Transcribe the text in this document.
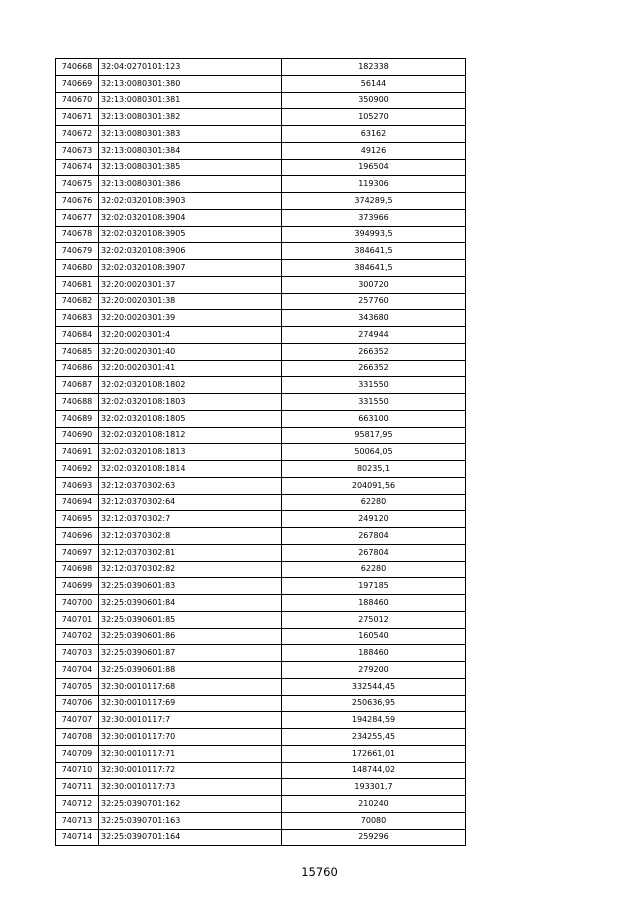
740668	32:04:0270101:123	182338
740669	32:13:0080301:380	56144
740670	32:13:0080301:381	350900
740671	32:13:0080301:382	105270
740672	32:13:0080301:383	63162
740673	32:13:0080301:384	49126
740674	32:13:0080301:385	196504
740675	32:13:0080301:386	119306
740676	32:02:0320108:3903	374289,5
740677	32:02:0320108:3904	373966
740678	32:02:0320108:3905	394993,5
740679	32:02:0320108:3906	384641,5
740680	32:02:0320108:3907	384641,5
740681	32:20:0020301:37	300720
740682	32:20:0020301:38	257760
740683	32:20:0020301:39	343680
740684	32:20:0020301:4	274944
740685	32:20:0020301:40	266352
740686	32:20:0020301:41	266352
740687	32:02:0320108:1802	331550
740688	32:02:0320108:1803	331550
740689	32:02:0320108:1805	663100
740690	32:02:0320108:1812	95817,95
740691	32:02:0320108:1813	50064,05
740692	32:02:0320108:1814	80235,1
740693	32:12:0370302:63	204091,56
740694	32:12:0370302:64	62280
740695	32:12:0370302:7	249120
740696	32:12:0370302:8	267804
740697	32:12:0370302:81	267804
740698	32:12:0370302:82	62280
740699	32:25:0390601:83	197185
740700	32:25:0390601:84	188460
740701	32:25:0390601:85	275012
740702	32:25:0390601:86	160540
740703	32:25:0390601:87	188460
740704	32:25:0390601:88	279200
740705	32:30:0010117:68	332544,45
740706	32:30:0010117:69	250636,95
740707	32:30:0010117:7	194284,59
740708	32:30:0010117:70	234255,45
740709	32:30:0010117:71	172661,01
740710	32:30:0010117:72	148744,02
740711	32:30:0010117:73	193301,7
740712	32:25:0390701:162	210240
740713	32:25:0390701:163	70080
740714	32:25:0390701:164	259296
15760
